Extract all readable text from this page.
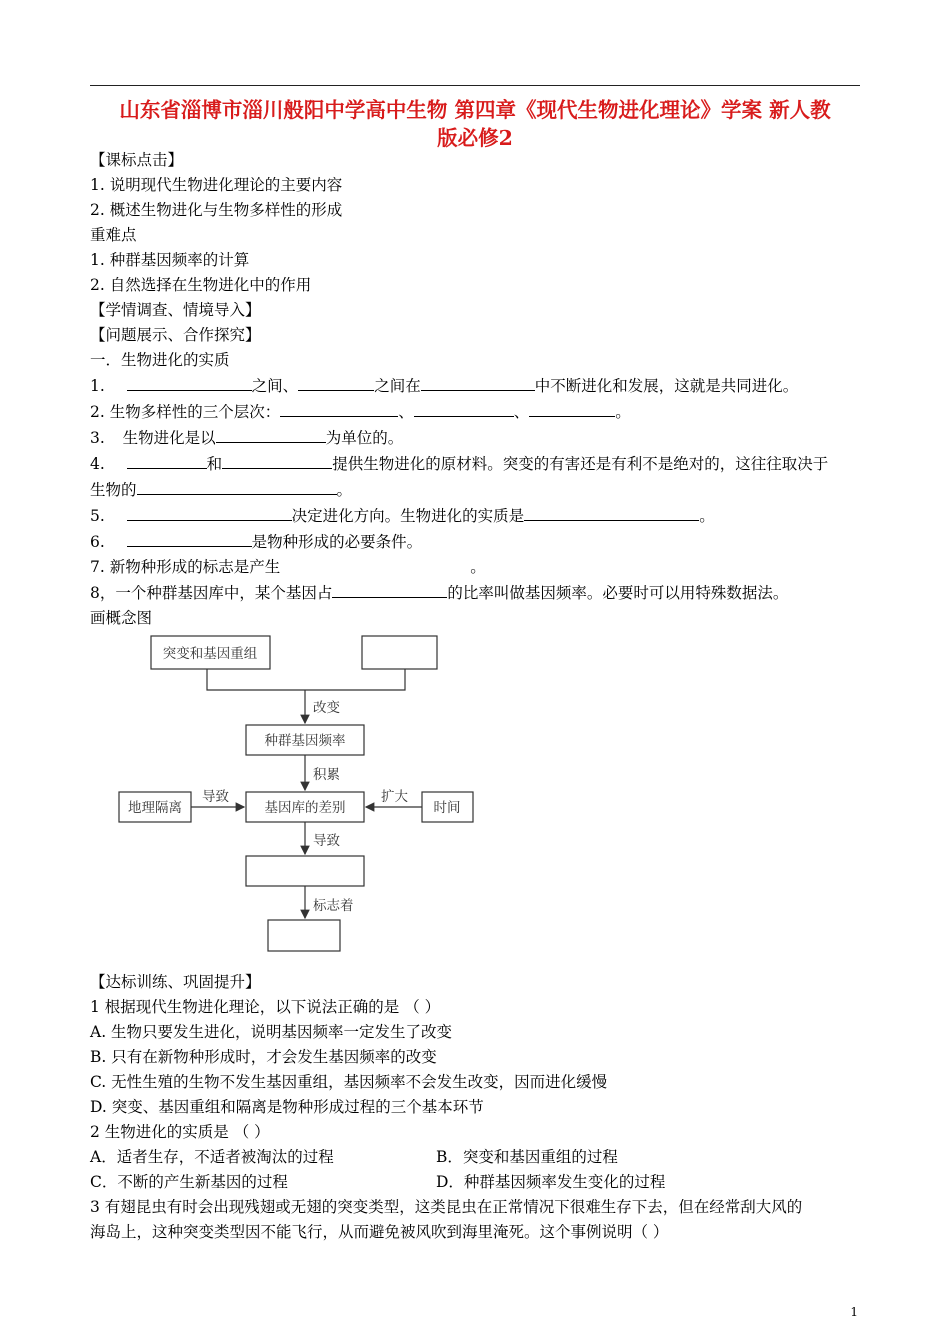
山东省淄博市淄川般阳中学高中生物 第四章《现代生物进化理论》学案 新人教
版必修2

【课标点击】

1. 说明现代生物进化理论的主要内容

2. 概述生物进化与生物多样性的形成

重难点

1. 种群基因频率的计算

2. 自然选择在生物进化中的作用

【学情调查、情境导入】

【问题展示、合作探究】

一．生物进化的实质

1.	之间、	之间在	中不断进化和发展，这就是共同进化。

2. 生物多样性的三个层次：	、	、	。

3. 生物进化是以	为单位的。

4.	和	提供生物进化的原材料。突变的有害还是有利不是绝对的，这往往取决于
生物的	。

5.	决定进化方向。生物进化的实质是	。

6.	是物种形成的必要条件。

7. 新物种形成的标志是产生	。

8，一个种群基因库中，某个基因占	的比率叫做基因频率。必要时可以用特殊数据法。

画概念图

突变和基因重组
改变
种群基因频率
积累
地理隔离
导致
基因库的差别
扩大
时间
导致
标志着

【达标训练、巩固提升】

1 根据现代生物进化理论，以下说法正确的是 （ ）

A. 生物只要发生进化，说明基因频率一定发生了改变

B. 只有在新物种形成时，才会发生基因频率的改变

C. 无性生殖的生物不发生基因重组，基因频率不会发生改变，因而进化缓慢

D. 突变、基因重组和隔离是物种形成过程的三个基本环节

2 生物进化的实质是 （ ）

A．适者生存，不适者被淘汰的过程	B．突变和基因重组的过程

C．不断的产生新基因的过程	D．种群基因频率发生变化的过程

3 有翅昆虫有时会出现残翅或无翅的突变类型，这类昆虫在正常情况下很难生存下去，但在经常刮大风的

海岛上，这种突变类型因不能飞行，从而避免被风吹到海里淹死。这个事例说明（ ）

1
